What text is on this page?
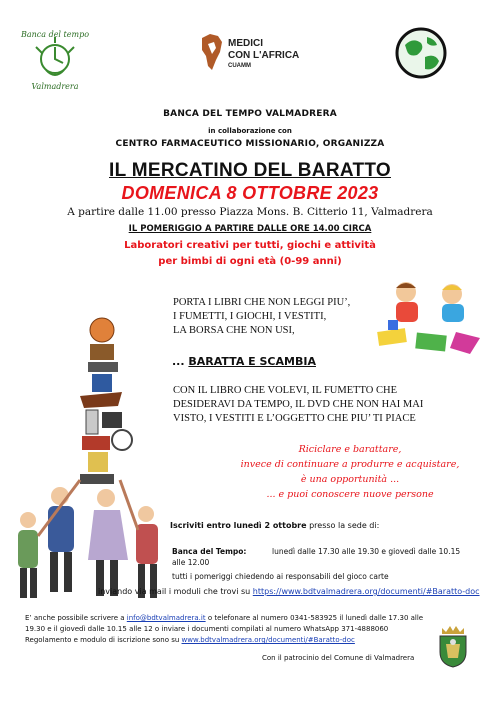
Banca del tempo
Valmadrera
MEDICI
CON L'AFRICA
CUAMM
BANCA DEL TEMPO VALMADRERA
in collaborazione con
CENTRO FARMACEUTICO MISSIONARIO, ORGANIZZA
IL MERCATINO DEL BARATTO
DOMENICA 8 OTTOBRE 2023
A partire dalle 11.00 presso Piazza Mons. B. Citterio 11, Valmadrera
IL POMERIGGIO A PARTIRE DALLE ORE 14.00 CIRCA
Laboratori creativi per tutti, giochi e attività
per bimbi di ogni età (0-99 anni)
PORTA I LIBRI CHE NON LEGGI PIU’,
I FUMETTI, I GIOCHI, I VESTITI,
LA BORSA CHE NON USI,
... BARATTA E SCAMBIA
CON IL LIBRO CHE VOLEVI, IL FUMETTO CHE
DESIDERAVI DA TEMPO, IL DVD CHE NON HAI MAI
VISTO, I VESTITI E L’OGGETTO CHE PIU’ TI PIACE
Riciclare e barattare,
invece di continuare a produrre e acquistare,
è una opportunità ...
... e puoi conoscere nuove persone
Iscriviti entro lunedì 2 ottobre presso la sede di:
Banca del Tempo:	lunedì dalle 17.30 alle 19.30 e giovedì dalle 10.15
alle 12.00
tutti i pomeriggi chiedendo ai responsabili del gioco carte
inviando via mail i moduli che trovi su https://www.bdtvalmadrera.org/documenti/#Baratto-doc
E’ anche possibile scrivere a info@bdtvalmadrera.it o telefonare al numero 0341-583925 il lunedì dalle 17.30 alle
19.30 e il giovedì dalle 10.15 alle 12 o inviare i documenti compilati al numero WhatsApp 371-4888060
Regolamento e modulo di iscrizione sono su www.bdtvalmadrera.org/documenti/#Baratto-doc
Con il patrocinio del Comune di Valmadrera
